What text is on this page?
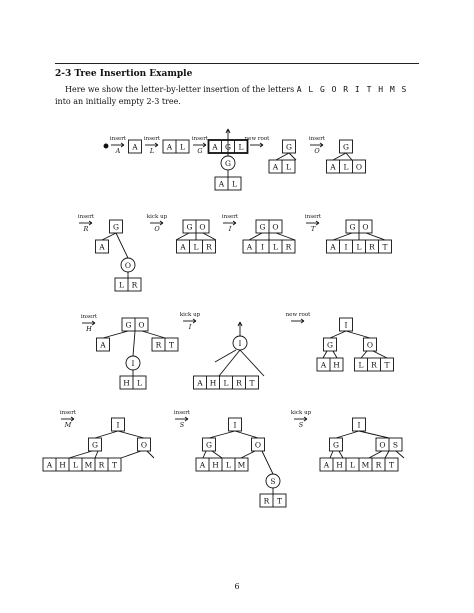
2-3 Tree Insertion Example

Here we show the letter-by-letter insertion of the letters A L G O R I T H M S into an initially empty 2-3 tree.

insert
A A
insert
L A L
insert
G A G L
G
A L
new root
G
A L
insert
O	G
A L O
insert
R	G
A
O
L R
kick up
O	G O
A L R
insert
I	G O
A I L R
insert
T	G O
A I L R T
insert
H	G O
A	R T
I
H L
kick up
I
I
A H L R T
new root
I
G	O
A H L R T
insert
M	I
G	O
A H L M R T
insert
S	I
G	O
A H L M
S
R T
kick up
S	I
G	O S
A H L M R T

6
